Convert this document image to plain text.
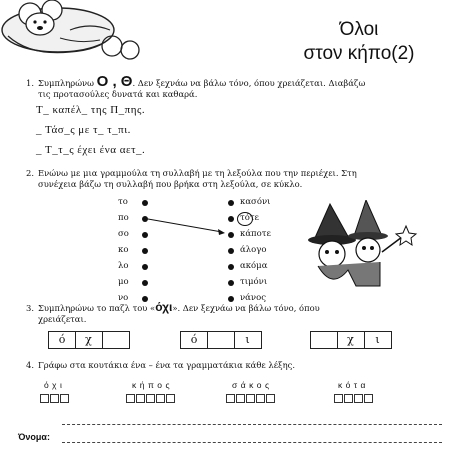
Όλοι
στον κήπο(2)
1. Συμπληρώνω Ο , Θ. Δεν ξεχνάω να βάλω τόνο, όπου χρειάζεται. Διαβάζω
τις προτασούλες δυνατά και καθαρά.
Τ_ καπέλ_ της Π_πης.
_ Τάσ_ς με τ_ τ_πι.
_ Τ_τ_ς έχει ένα αετ_.
2. Ενώνω με μια γραμμούλα τη συλλαβή με τη λεξούλα που την περιέχει. Στη
συνέχεια βάζω τη συλλαβή που βρήκα στη λεξούλα, σε κύκλο.
το
πο
σο
κο
λο
μο
νο
κασόνι
τότε
κάποτε
άλογο
ακόμα
τιμόνι
νάνος
3. Συμπληρώνω το παζλ του «όχι». Δεν ξεχνάω να βάλω τόνο, όπου
χρειάζεται.
ό	χ	ό	ι	χ	ι
4. Γράφω στα κουτάκια ένα – ένα τα γραμματάκια κάθε λέξης.
όχι	κήπος	σάκος	κότα
Όνομα:
